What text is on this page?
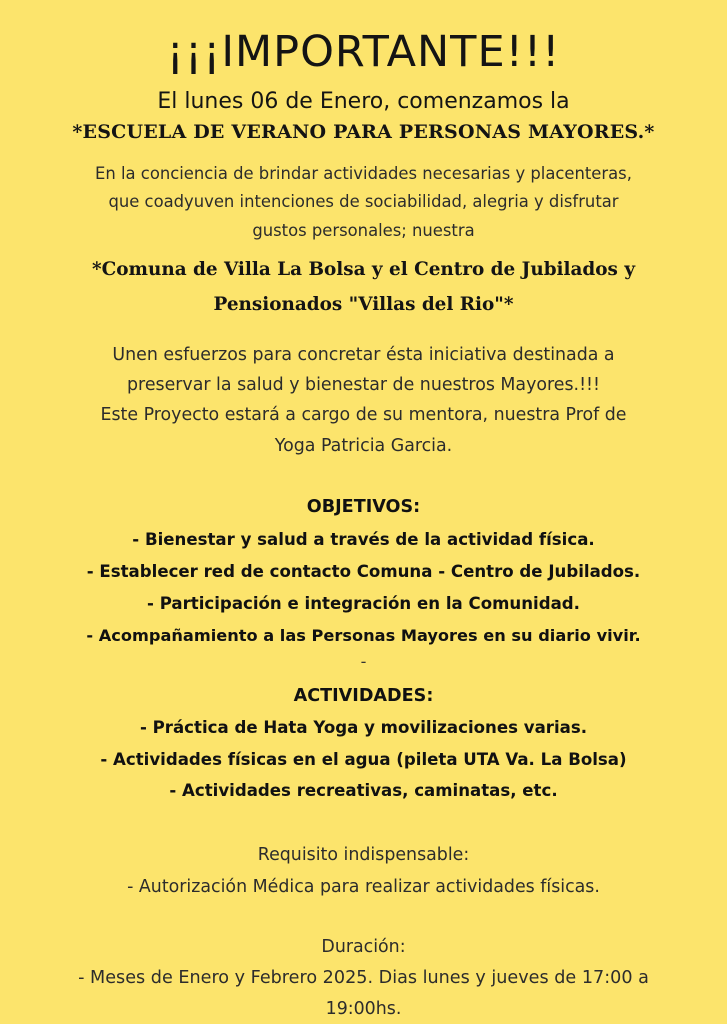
¡¡¡IMPORTANTE!!!

El lunes 06 de Enero, comenzamos la

*ESCUELA DE VERANO PARA PERSONAS MAYORES.*

En la conciencia de brindar actividades necesarias y placenteras,

que coadyuven intenciones de sociabilidad, alegria y disfrutar

gustos personales; nuestra

*Comuna de Villa La Bolsa y el Centro de Jubilados y

Pensionados "Villas del Rio"*

Unen esfuerzos para concretar ésta iniciativa destinada a

preservar la salud y bienestar de nuestros Mayores.!!!

Este Proyecto estará a cargo de su mentora, nuestra Prof de

Yoga Patricia Garcia.

OBJETIVOS:

- Bienestar y salud a través de la actividad física.

- Establecer red de contacto Comuna - Centro de Jubilados.

- Participación e integración en la Comunidad.

- Acompañamiento a las Personas Mayores en su diario vivir.

-

ACTIVIDADES:

- Práctica de Hata Yoga y movilizaciones varias.

- Actividades físicas en el agua (pileta UTA Va. La Bolsa)

- Actividades recreativas, caminatas, etc.

Requisito indispensable:

- Autorización Médica para realizar actividades físicas.

Duración:

- Meses de Enero y Febrero 2025. Dias lunes y jueves de 17:00 a

19:00hs.
